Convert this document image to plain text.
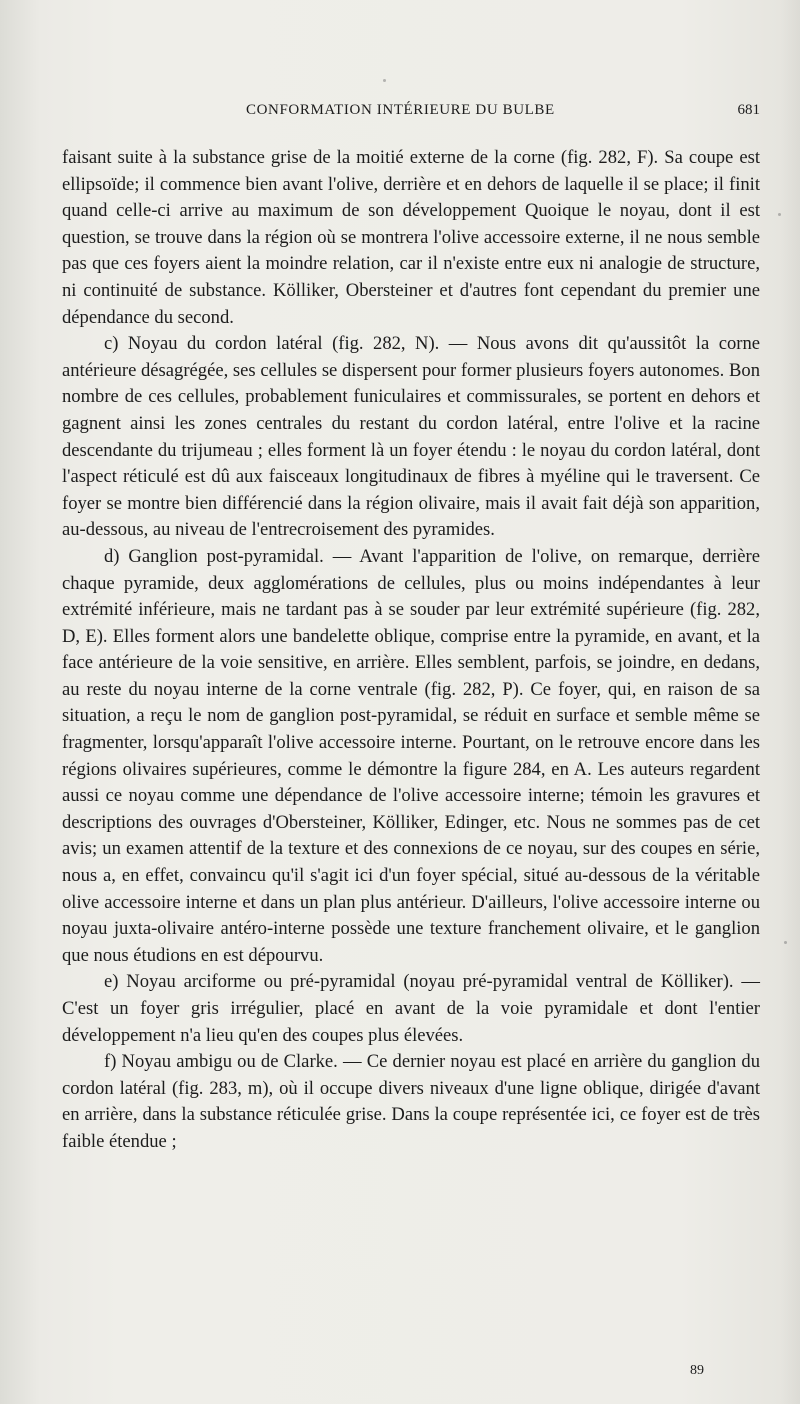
CONFORMATION INTÉRIEURE DU BULBE	681

faisant suite à la substance grise de la moitié externe de la corne (fig. 282, F). Sa coupe est ellipsoïde; il commence bien avant l'olive, derrière et en dehors de laquelle il se place; il finit quand celle-ci arrive au maximum de son développement Quoique le noyau, dont il est question, se trouve dans la région où se montrera l'olive accessoire externe, il ne nous semble pas que ces foyers aient la moindre relation, car il n'existe entre eux ni analogie de structure, ni continuité de substance. Kölliker, Obersteiner et d'autres font cependant du premier une dépendance du second.

c) Noyau du cordon latéral (fig. 282, N). — Nous avons dit qu'aussitôt la corne antérieure désagrégée, ses cellules se dispersent pour former plusieurs foyers autonomes. Bon nombre de ces cellules, probablement funiculaires et commissurales, se portent en dehors et gagnent ainsi les zones centrales du restant du cordon latéral, entre l'olive et la racine descendante du trijumeau ; elles forment là un foyer étendu : le noyau du cordon latéral, dont l'aspect réticulé est dû aux faisceaux longitudinaux de fibres à myéline qui le traversent. Ce foyer se montre bien différencié dans la région olivaire, mais il avait fait déjà son apparition, au-dessous, au niveau de l'entrecroisement des pyramides.

d) Ganglion post-pyramidal. — Avant l'apparition de l'olive, on remarque, derrière chaque pyramide, deux agglomérations de cellules, plus ou moins indépendantes à leur extrémité inférieure, mais ne tardant pas à se souder par leur extrémité supérieure (fig. 282, D, E). Elles forment alors une bandelette oblique, comprise entre la pyramide, en avant, et la face antérieure de la voie sensitive, en arrière. Elles semblent, parfois, se joindre, en dedans, au reste du noyau interne de la corne ventrale (fig. 282, P). Ce foyer, qui, en raison de sa situation, a reçu le nom de ganglion post-pyramidal, se réduit en surface et semble même se fragmenter, lorsqu'apparaît l'olive accessoire interne. Pourtant, on le retrouve encore dans les régions olivaires supérieures, comme le démontre la figure 284, en A. Les auteurs regardent aussi ce noyau comme une dépendance de l'olive accessoire interne; témoin les gravures et descriptions des ouvrages d'Obersteiner, Kölliker, Edinger, etc. Nous ne sommes pas de cet avis; un examen attentif de la texture et des connexions de ce noyau, sur des coupes en série, nous a, en effet, convaincu qu'il s'agit ici d'un foyer spécial, situé au-dessous de la véritable olive accessoire interne et dans un plan plus antérieur. D'ailleurs, l'olive accessoire interne ou noyau juxta-olivaire antéro-interne possède une texture franchement olivaire, et le ganglion que nous étudions en est dépourvu.

e) Noyau arciforme ou pré-pyramidal (noyau pré-pyramidal ventral de Kölliker). — C'est un foyer gris irrégulier, placé en avant de la voie pyramidale et dont l'entier développement n'a lieu qu'en des coupes plus élevées.

f) Noyau ambigu ou de Clarke. — Ce dernier noyau est placé en arrière du ganglion du cordon latéral (fig. 283, m), où il occupe divers niveaux d'une ligne oblique, dirigée d'avant en arrière, dans la substance réticulée grise. Dans la coupe représentée ici, ce foyer est de très faible étendue ;

89
